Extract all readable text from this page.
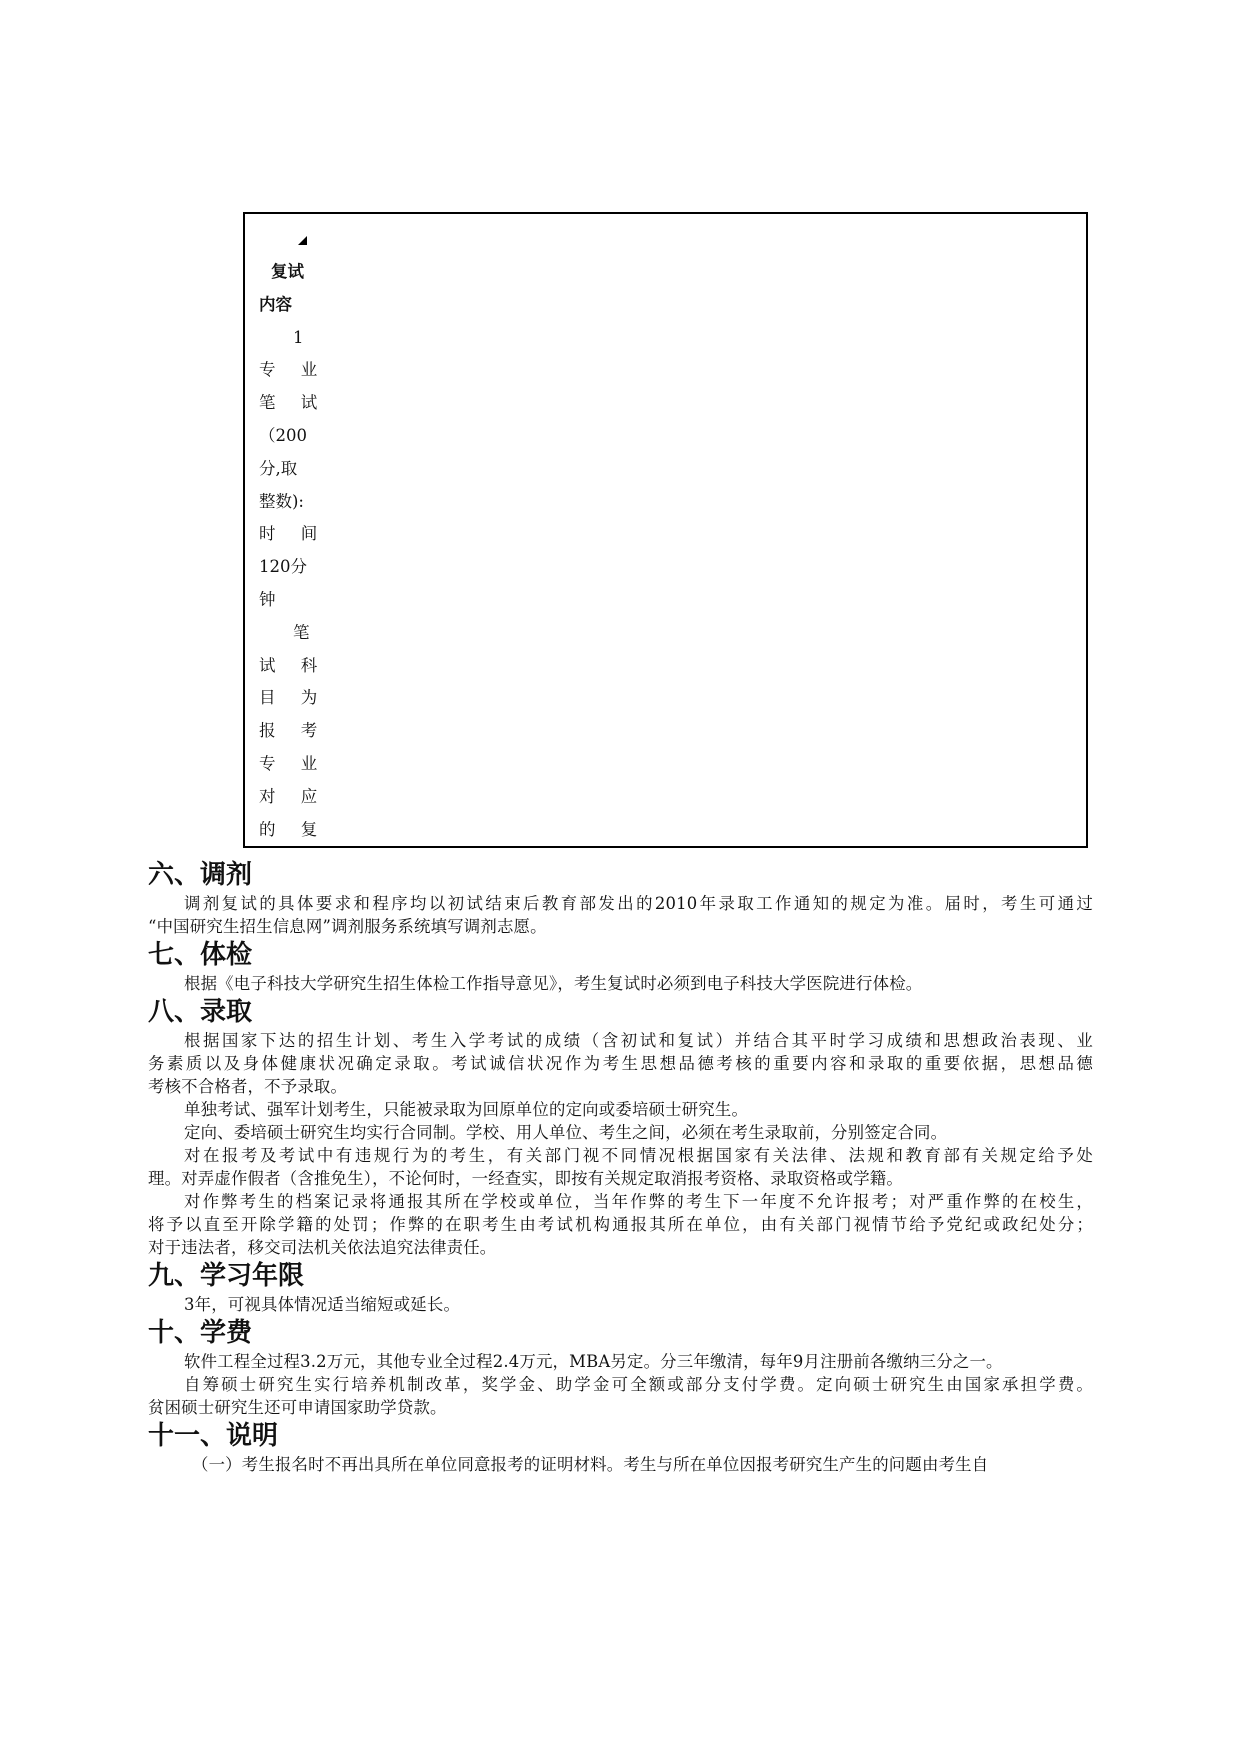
复试
内容
1
专 业
笔 试
（200
分,取
整数):
时 间
120分
钟
笔
试 科
目 为
报 考
专 业
对 应
的 复
六、调剂
调剂复试的具体要求和程序均以初试结束后教育部发出的2010年录取工作通知的规定为准。届时，考生可通过
“中国研究生招生信息网”调剂服务系统填写调剂志愿。
七、体检
根据《电子科技大学研究生招生体检工作指导意见》，考生复试时必须到电子科技大学医院进行体检。
八、录取
根据国家下达的招生计划、考生入学考试的成绩（含初试和复试）并结合其平时学习成绩和思想政治表现、业
务素质以及身体健康状况确定录取。考试诚信状况作为考生思想品德考核的重要内容和录取的重要依据，思想品德
考核不合格者，不予录取。
单独考试、强军计划考生，只能被录取为回原单位的定向或委培硕士研究生。
定向、委培硕士研究生均实行合同制。学校、用人单位、考生之间，必须在考生录取前，分别签定合同。
对在报考及考试中有违规行为的考生，有关部门视不同情况根据国家有关法律、法规和教育部有关规定给予处
理。对弄虚作假者（含推免生），不论何时，一经查实，即按有关规定取消报考资格、录取资格或学籍。
对作弊考生的档案记录将通报其所在学校或单位，当年作弊的考生下一年度不允许报考；对严重作弊的在校生，
将予以直至开除学籍的处罚；作弊的在职考生由考试机构通报其所在单位，由有关部门视情节给予党纪或政纪处分；
对于违法者，移交司法机关依法追究法律责任。
九、学习年限
3年，可视具体情况适当缩短或延长。
十、学费
软件工程全过程3.2万元，其他专业全过程2.4万元，MBA另定。分三年缴清，每年9月注册前各缴纳三分之一。
自筹硕士研究生实行培养机制改革，奖学金、助学金可全额或部分支付学费。定向硕士研究生由国家承担学费。
贫困硕士研究生还可申请国家助学贷款。
十一、说明
（一）考生报名时不再出具所在单位同意报考的证明材料。考生与所在单位因报考研究生产生的问题由考生自
